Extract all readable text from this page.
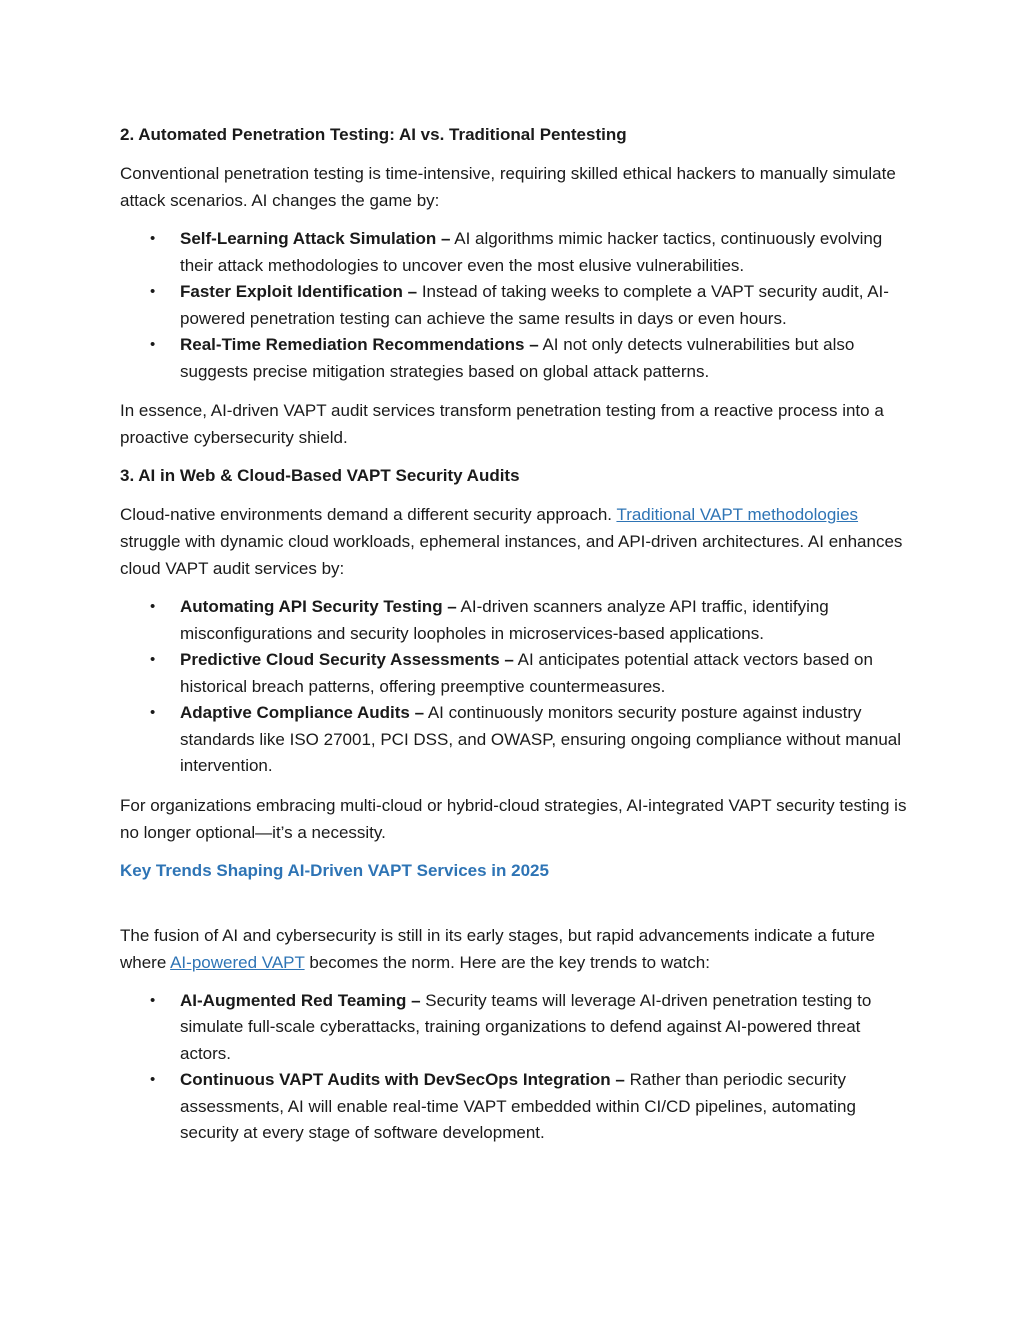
2. Automated Penetration Testing: AI vs. Traditional Pentesting

Conventional penetration testing is time-intensive, requiring skilled ethical hackers to manually simulate attack scenarios. AI changes the game by:

• Self-Learning Attack Simulation – AI algorithms mimic hacker tactics, continuously evolving their attack methodologies to uncover even the most elusive vulnerabilities.
• Faster Exploit Identification – Instead of taking weeks to complete a VAPT security audit, AI-powered penetration testing can achieve the same results in days or even hours.
• Real-Time Remediation Recommendations – AI not only detects vulnerabilities but also suggests precise mitigation strategies based on global attack patterns.

In essence, AI-driven VAPT audit services transform penetration testing from a reactive process into a proactive cybersecurity shield.

3. AI in Web & Cloud-Based VAPT Security Audits

Cloud-native environments demand a different security approach. Traditional VAPT methodologies struggle with dynamic cloud workloads, ephemeral instances, and API-driven architectures. AI enhances cloud VAPT audit services by:

• Automating API Security Testing – AI-driven scanners analyze API traffic, identifying misconfigurations and security loopholes in microservices-based applications.
• Predictive Cloud Security Assessments – AI anticipates potential attack vectors based on historical breach patterns, offering preemptive countermeasures.
• Adaptive Compliance Audits – AI continuously monitors security posture against industry standards like ISO 27001, PCI DSS, and OWASP, ensuring ongoing compliance without manual intervention.

For organizations embracing multi-cloud or hybrid-cloud strategies, AI-integrated VAPT security testing is no longer optional—it’s a necessity.

Key Trends Shaping AI-Driven VAPT Services in 2025

The fusion of AI and cybersecurity is still in its early stages, but rapid advancements indicate a future where AI-powered VAPT becomes the norm. Here are the key trends to watch:

• AI-Augmented Red Teaming – Security teams will leverage AI-driven penetration testing to simulate full-scale cyberattacks, training organizations to defend against AI-powered threat actors.
• Continuous VAPT Audits with DevSecOps Integration – Rather than periodic security assessments, AI will enable real-time VAPT embedded within CI/CD pipelines, automating security at every stage of software development.
